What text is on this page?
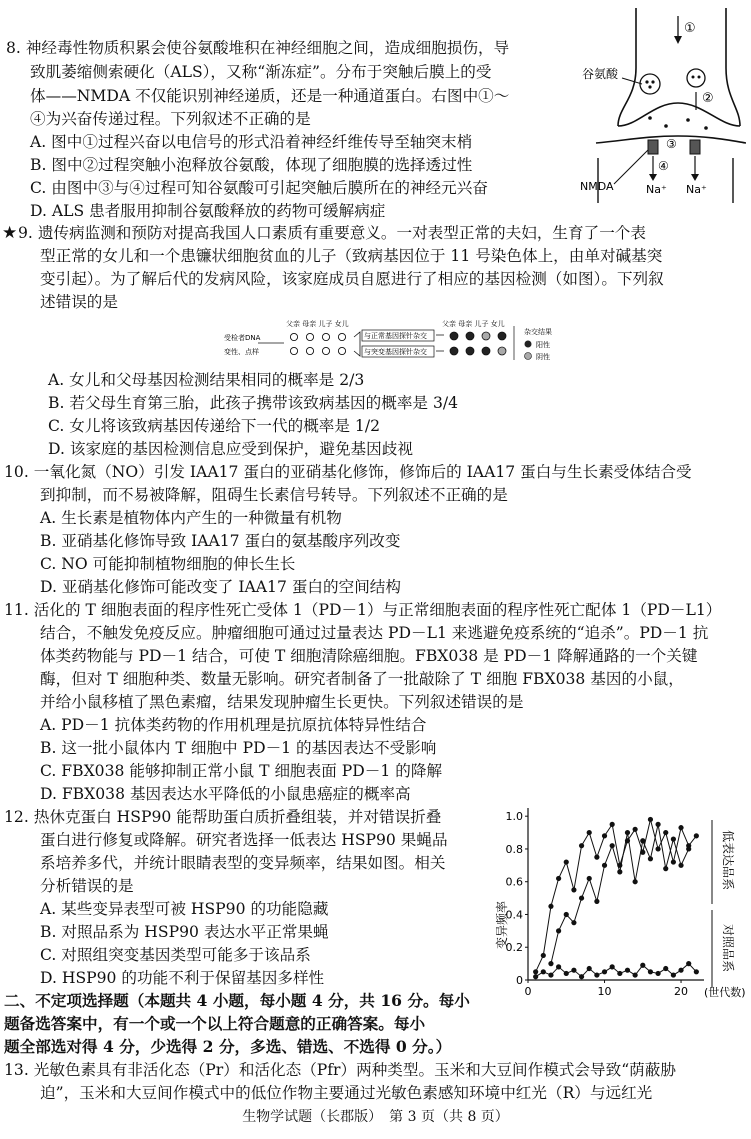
8. 神经毒性物质积累会使谷氨酸堆积在神经细胞之间，造成细胞损伤，导
致肌萎缩侧索硬化（ALS），又称“渐冻症”。分布于突触后膜上的受
体——NMDA 不仅能识别神经递质，还是一种通道蛋白。右图中①～
④为兴奋传递过程。下列叙述不正确的是
A. 图中①过程兴奋以电信号的形式沿着神经纤维传导至轴突末梢
B. 图中②过程突触小泡释放谷氨酸，体现了细胞膜的选择透过性
C. 由图中③与④过程可知谷氨酸可引起突触后膜所在的神经元兴奋
D. ALS 患者服用抑制谷氨酸释放的药物可缓解病症
①
②
谷氨酸
③
④
NMDA	Na⁺ Na⁺
★ 9. 遗传病监测和预防对提高我国人口素质有重要意义。一对表型正常的夫妇，生育了一个表
型正常的女儿和一个患镰状细胞贫血的儿子（致病基因位于 11 号染色体上，由单对碱基突
变引起）。为了解后代的发病风险，该家庭成员自愿进行了相应的基因检测（如图）。下列叙
述错误的是
父亲 母亲 儿子 女儿	父亲 母亲 儿子 女儿
受检者DNA
变性、点样
与正常基因探针杂交
与突变基因探针杂交
杂交结果
阳性
阴性
A. 女儿和父母基因检测结果相同的概率是 2/3
B. 若父母生育第三胎，此孩子携带该致病基因的概率是 3/4
C. 女儿将该致病基因传递给下一代的概率是 1/2
D. 该家庭的基因检测信息应受到保护，避免基因歧视
10. 一氧化氮（NO）引发 IAA17 蛋白的亚硝基化修饰，修饰后的 IAA17 蛋白与生长素受体结合受
到抑制，而不易被降解，阻碍生长素信号转导。下列叙述不正确的是
A. 生长素是植物体内产生的一种微量有机物
B. 亚硝基化修饰导致 IAA17 蛋白的氨基酸序列改变
C. NO 可能抑制植物细胞的伸长生长
D. 亚硝基化修饰可能改变了 IAA17 蛋白的空间结构
11. 活化的 T 细胞表面的程序性死亡受体 1（PD－1）与正常细胞表面的程序性死亡配体 1（PD－L1）
结合，不触发免疫反应。肿瘤细胞可通过过量表达 PD－L1 来逃避免疫系统的“追杀”。PD－1 抗
体类药物能与 PD－1 结合，可使 T 细胞清除癌细胞。FBX038 是 PD－1 降解通路的一个关键
酶，但对 T 细胞种类、数量无影响。研究者制备了一批敲除了 T 细胞 FBX038 基因的小鼠，
并给小鼠移植了黑色素瘤，结果发现肿瘤生长更快。下列叙述错误的是
A. PD－1 抗体类药物的作用机理是抗原抗体特异性结合
B. 这一批小鼠体内 T 细胞中 PD－1 的基因表达不受影响
C. FBX038 能够抑制正常小鼠 T 细胞表面 PD－1 的降解
D. FBX038 基因表达水平降低的小鼠患癌症的概率高
12. 热休克蛋白 HSP90 能帮助蛋白质折叠组装，并对错误折叠
蛋白进行修复或降解。研究者选择一低表达 HSP90 果蝇品
系培养多代，并统计眼睛表型的变异频率，结果如图。相关
分析错误的是
A. 某些变异表型可被 HSP90 的功能隐藏
B. 对照品系为 HSP90 表达水平正常果蝇
C. 对照组突变基因类型可能多于该品系
D. HSP90 的功能不利于保留基因多样性	0
0.2
0.4
0.6
0.8
1.0
0	10	20
变异频率
低表达品系
对照品系
(世代数)
二、不定项选择题（本题共 4 小题，每小题 4 分，共 16 分。每小
题备选答案中，有一个或一个以上符合题意的正确答案。每小
题全部选对得 4 分，少选得 2 分，多选、错选、不选得 0 分。）
13. 光敏色素具有非活化态（Pr）和活化态（Pfr）两种类型。玉米和大豆间作模式会导致“荫蔽胁
迫”，玉米和大豆间作模式中的低位作物主要通过光敏色素感知环境中红光（R）与远红光
生物学试题（长郡版）　第 3 页（共 8 页）
